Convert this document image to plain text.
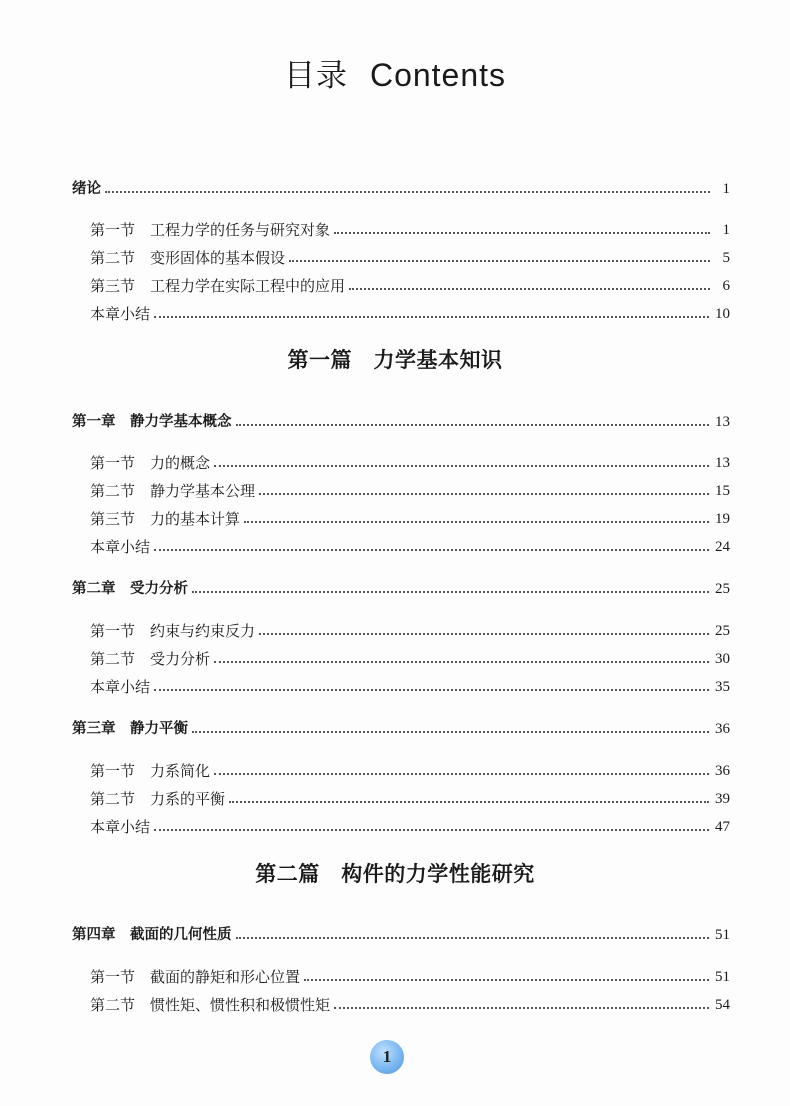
目录 Contents
绪论	1
第一节　工程力学的任务与研究对象	1
第二节　变形固体的基本假设	5
第三节　工程力学在实际工程中的应用	6
本章小结	10
第一篇　力学基本知识
第一章　静力学基本概念	13
第一节　力的概念	13
第二节　静力学基本公理	15
第三节　力的基本计算	19
本章小结	24
第二章　受力分析	25
第一节　约束与约束反力	25
第二节　受力分析	30
本章小结	35
第三章　静力平衡	36
第一节　力系简化	36
第二节　力系的平衡	39
本章小结	47
第二篇　构件的力学性能研究
第四章　截面的几何性质	51
第一节　截面的静矩和形心位置	51
第二节　惯性矩、惯性积和极惯性矩	54
1
